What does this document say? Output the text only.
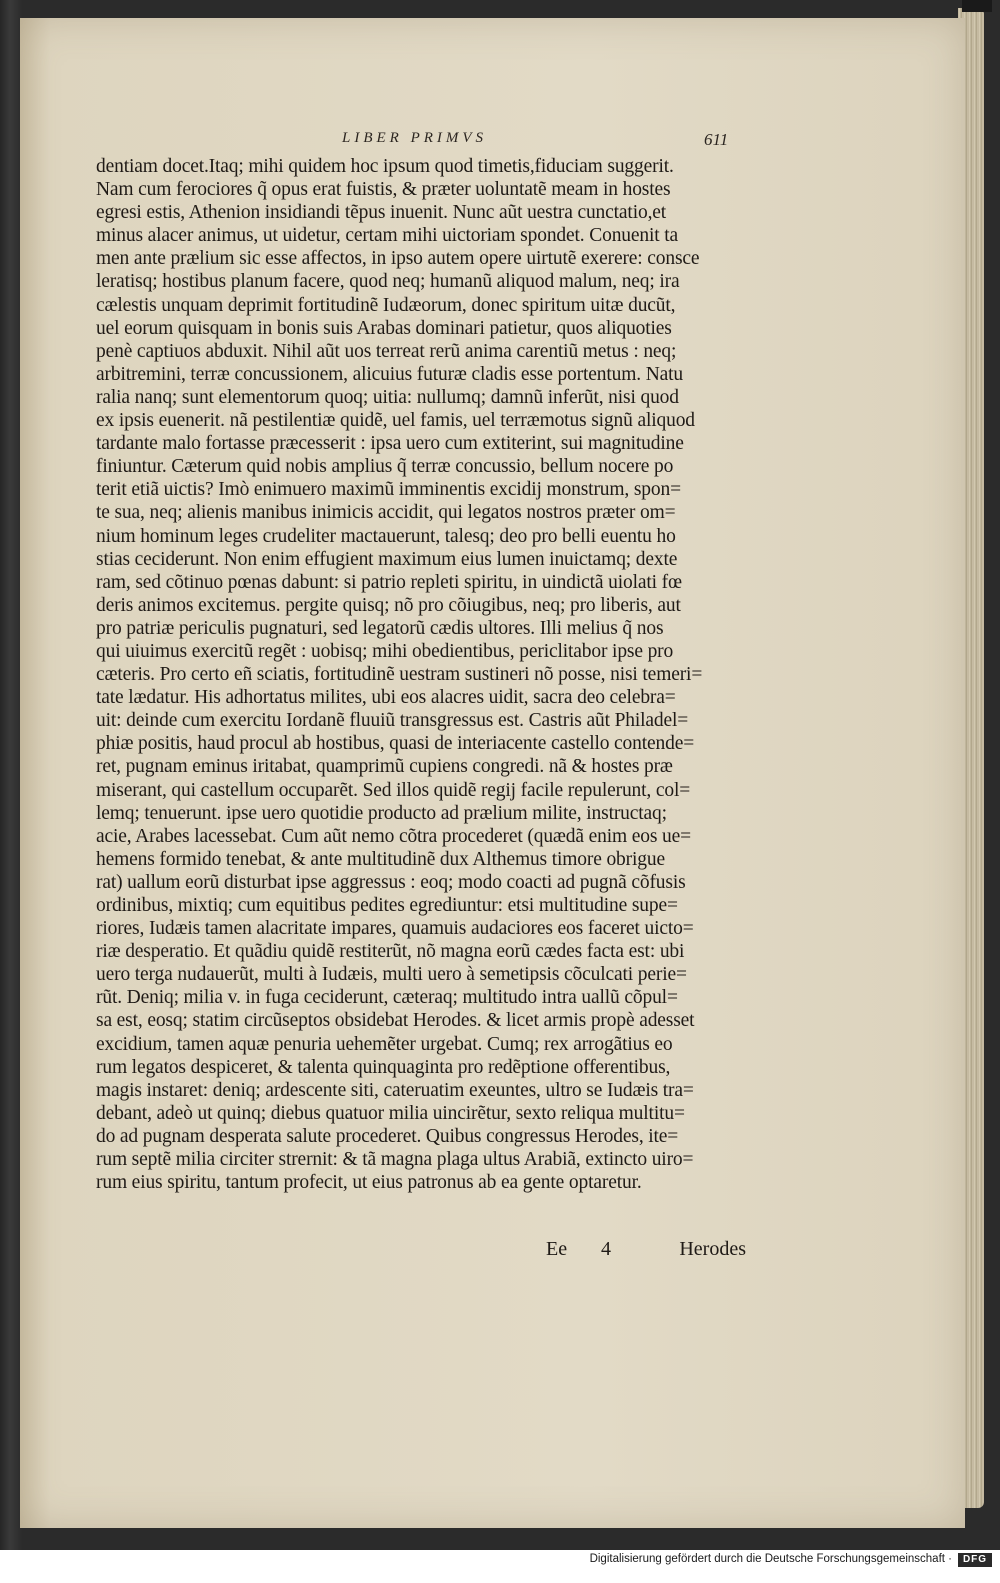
LIBER PRIMVS	611
dentiam docet.Itaq; mihi quidem hoc ipsum quod timetis,fiduciam suggerit.
Nam cum ferociores q̃ opus erat fuistis, & præter uoluntatẽ meam in hostes
egresi estis, Athenion insidiandi tẽpus inuenit. Nunc aũt uestra cunctatio,et
minus alacer animus, ut uidetur, certam mihi uictoriam spondet. Conuenit ta
men ante prælium sic esse affectos, in ipso autem opere uirtutẽ exerere: consce
leratisq; hostibus planum facere, quod neq; humanũ aliquod malum, neq; ira
cælestis unquam deprimit fortitudinẽ Iudæorum, donec spiritum uitæ ducũt,
uel eorum quisquam in bonis suis Arabas dominari patietur, quos aliquoties
penè captiuos abduxit. Nihil aũt uos terreat rerũ anima carentiũ metus : neq;
arbitremini, terræ concussionem, alicuius futuræ cladis esse portentum. Natu
ralia nanq; sunt elementorum quoq; uitia: nullumq; damnũ inferũt, nisi quod
ex ipsis euenerit. nã pestilentiæ quidẽ, uel famis, uel terræmotus signũ aliquod
tardante malo fortasse præcesserit : ipsa uero cum extiterint, sui magnitudine
finiuntur. Cæterum quid nobis amplius q̃ terræ concussio, bellum nocere po
terit etiã uictis? Imò enimuero maximũ imminentis excidij monstrum, spon=
te sua, neq; alienis manibus inimicis accidit, qui legatos nostros præter om=
nium hominum leges crudeliter mactauerunt, talesq; deo pro belli euentu ho
stias ceciderunt. Non enim effugient maximum eius lumen inuictamq; dexte
ram, sed cõtinuo pœnas dabunt: si patrio repleti spiritu, in uindictã uiolati fœ
deris animos excitemus. pergite quisq; nõ pro cõiugibus, neq; pro liberis, aut
pro patriæ periculis pugnaturi, sed legatorũ cædis ultores. Illi melius q̃ nos
qui uiuimus exercitũ regẽt : uobisq; mihi obedientibus, periclitabor ipse pro
cæteris. Pro certo eñ sciatis, fortitudinẽ uestram sustineri nõ posse, nisi temeri=
tate lædatur. His adhortatus milites, ubi eos alacres uidit, sacra deo celebra=
uit: deinde cum exercitu Iordanẽ fluuiũ transgressus est. Castris aũt Philadel=
phiæ positis, haud procul ab hostibus, quasi de interiacente castello contende=
ret, pugnam eminus iritabat, quamprimũ cupiens congredi. nã & hostes præ
miserant, qui castellum occuparẽt. Sed illos quidẽ regij facile repulerunt, col=
lemq; tenuerunt. ipse uero quotidie producto ad prælium milite, instructaq;
acie, Arabes lacessebat. Cum aũt nemo cõtra procederet (quædã enim eos ue=
hemens formido tenebat, & ante multitudinẽ dux Althemus timore obrigue
rat) uallum eorũ disturbat ipse aggressus : eoq; modo coacti ad pugnã cõfusis
ordinibus, mixtiq; cum equitibus pedites egrediuntur: etsi multitudine supe=
riores, Iudæis tamen alacritate impares, quamuis audaciores eos faceret uicto=
riæ desperatio. Et quãdiu quidẽ restiterũt, nõ magna eorũ cædes facta est: ubi
uero terga nudauerũt, multi à Iudæis, multi uero à semetipsis cõculcati perie=
rũt. Deniq; milia v. in fuga ceciderunt, cæteraq; multitudo intra uallũ cõpul=
sa est, eosq; statim circũseptos obsidebat Herodes. & licet armis propè adesset
excidium, tamen aquæ penuria uehemẽter urgebat. Cumq; rex arrogãtius eo
rum legatos despiceret, & talenta quinquaginta pro redẽptione offerentibus,
magis instaret: deniq; ardescente siti, cateruatim exeuntes, ultro se Iudæis tra=
debant, adeò ut quinq; diebus quatuor milia uincirẽtur, sexto reliqua multitu=
do ad pugnam desperata salute procederet. Quibus congressus Herodes, ite=
rum septẽ milia circiter strernit: & tã magna plaga ultus Arabiã, extincto uiro=
rum eius spiritu, tantum profecit, ut eius patronus ab ea gente optaretur.
Ee 4	Herodes
Digitalisierung gefördert durch die Deutsche Forschungsgemeinschaft ·	DFG
